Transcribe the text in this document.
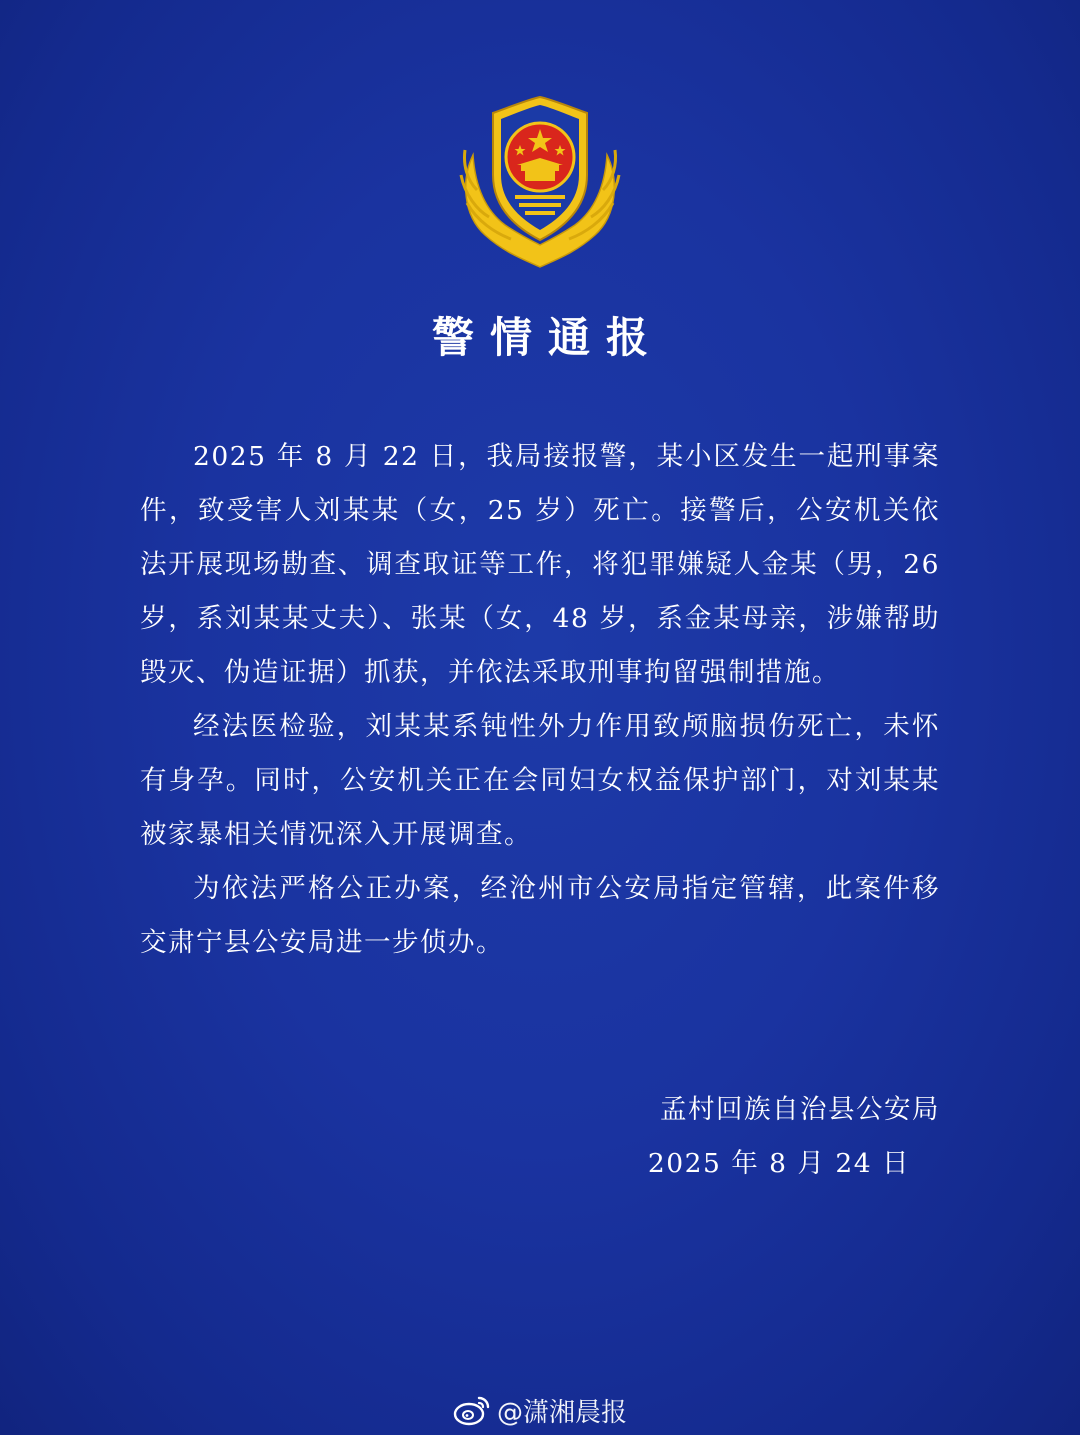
警情通报

2025 年 8 月 22 日，我局接报警，某小区发生一起刑事案件，致受害人刘某某（女，25 岁）死亡。接警后，公安机关依法开展现场勘查、调查取证等工作，将犯罪嫌疑人金某（男，26 岁，系刘某某丈夫）、张某（女，48 岁，系金某母亲，涉嫌帮助毁灭、伪造证据）抓获，并依法采取刑事拘留强制措施。

经法医检验，刘某某系钝性外力作用致颅脑损伤死亡，未怀有身孕。同时，公安机关正在会同妇女权益保护部门，对刘某某被家暴相关情况深入开展调查。

为依法严格公正办案，经沧州市公安局指定管辖，此案件移交肃宁县公安局进一步侦办。

孟村回族自治县公安局
2025 年 8 月 24 日
@潇湘晨报
